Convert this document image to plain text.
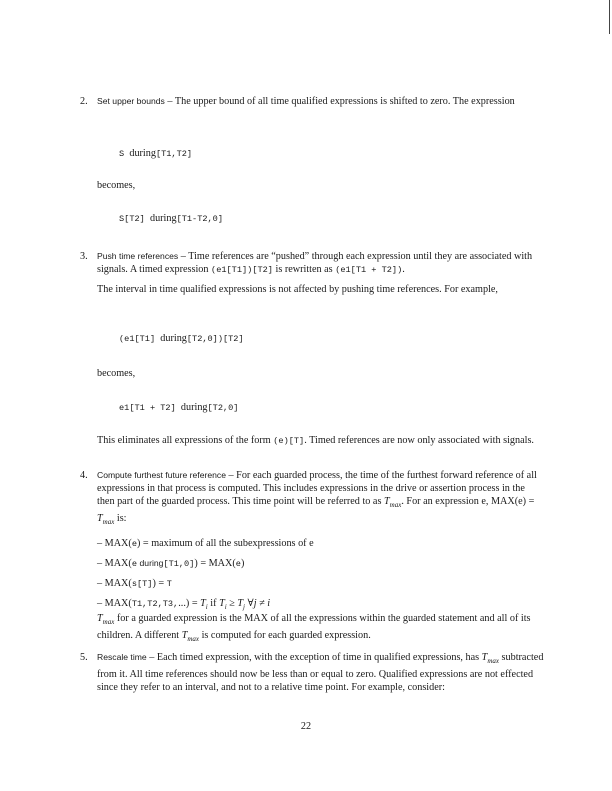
2. Set upper bounds – The upper bound of all time qualified expressions is shifted to zero. The expression

S during[T1,T2]
becomes,
S[T2] during[T1-T2,0]
3. Push time references – Time references are “pushed” through each expression until they are associated with signals. A timed expression (e1[T1])[T2] is rewritten as (e1[T1 + T2]).

The interval in time qualified expressions is not affected by pushing time references. For example,

(e1[T1] during[T2,0])[T2]
becomes,
e1[T1 + T2] during[T2,0]

This eliminates all expressions of the form (e)[T]. Timed references are now only associated with signals.

4. Compute furthest future reference – For each guarded process, the time of the furthest forward reference of all expressions in that process is computed. This includes expressions in the drive or assertion process in the then part of the guarded process. This time point will be referred to as $T_{max}$. For an expression e, $MAX(e) = T_{max}$ is:

– MAX(e) = maximum of all the subexpressions of e
– MAX(e during[T1,0]) = MAX(e)
– MAX(s[T]) = T
– $MAX(T1,T2,T3,...) = T_i$ if $T_i \ge T_j$ ∀j ≠ i

$T_{max}$ for a guarded expression is the MAX of all the expressions within the guarded statement and all of its children. A different $T_{max}$ is computed for each guarded expression.

5. Rescale time – Each timed expression, with the exception of time in qualified expressions, has $T_{max}$ subtracted from it. All time references should now be less than or equal to zero. Qualified expressions are not effected since they refer to an interval, and not to a relative time point. For example, consider:

22
